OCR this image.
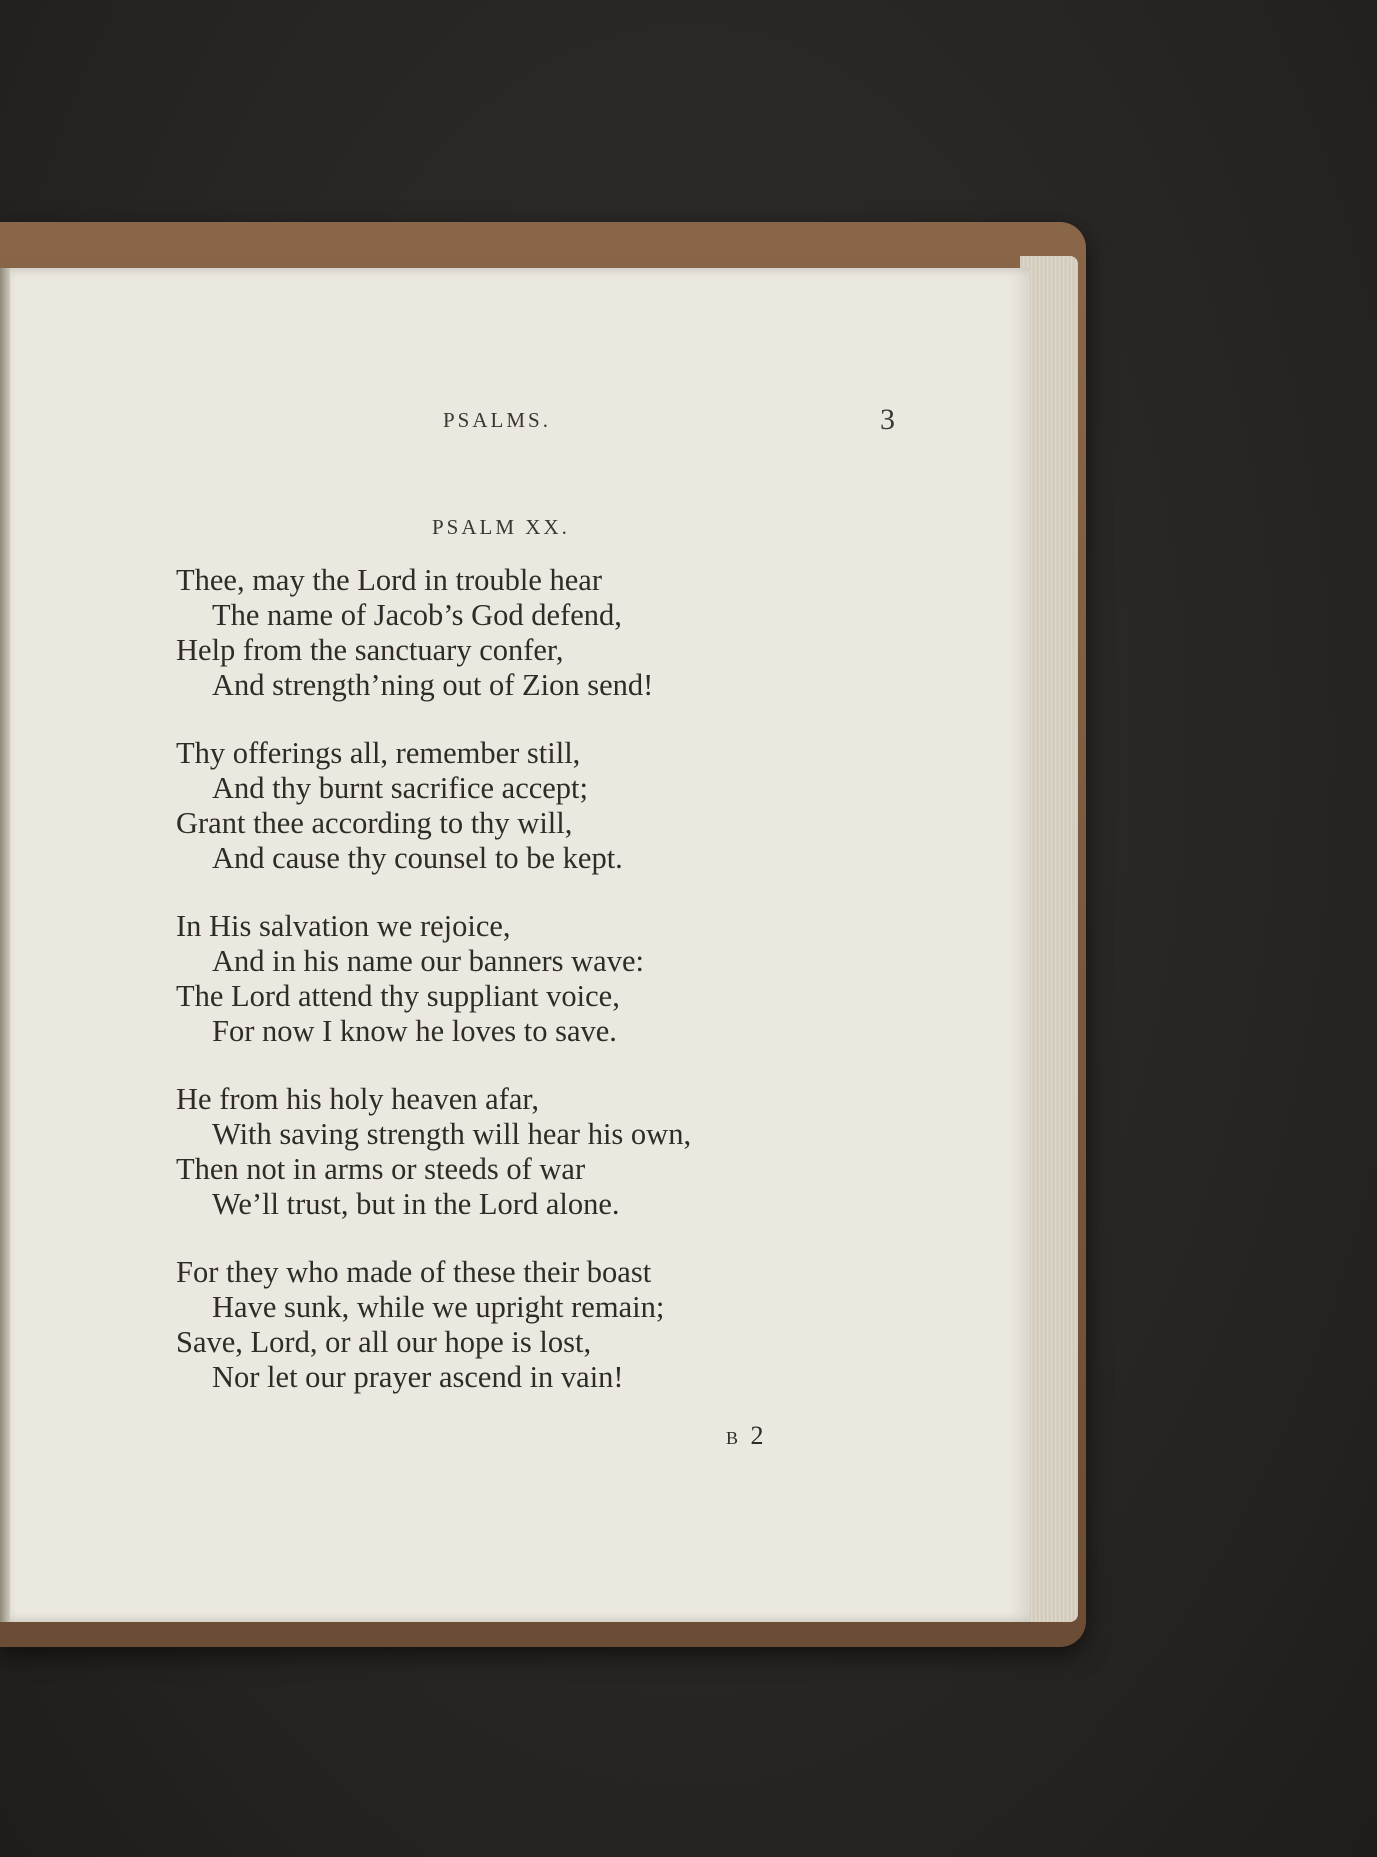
PSALMS.	3
PSALM XX.
Thee, may the Lord in trouble hear
The name of Jacob’s God defend,
Help from the sanctuary confer,
And strength’ning out of Zion send!
Thy offerings all, remember still,
And thy burnt sacrifice accept;
Grant thee according to thy will,
And cause thy counsel to be kept.
In His salvation we rejoice,
And in his name our banners wave:
The Lord attend thy suppliant voice,
For now I know he loves to save.
He from his holy heaven afar,
With saving strength will hear his own,
Then not in arms or steeds of war
We’ll trust, but in the Lord alone.
For they who made of these their boast
Have sunk, while we upright remain;
Save, Lord, or all our hope is lost,
Nor let our prayer ascend in vain!
B 2
